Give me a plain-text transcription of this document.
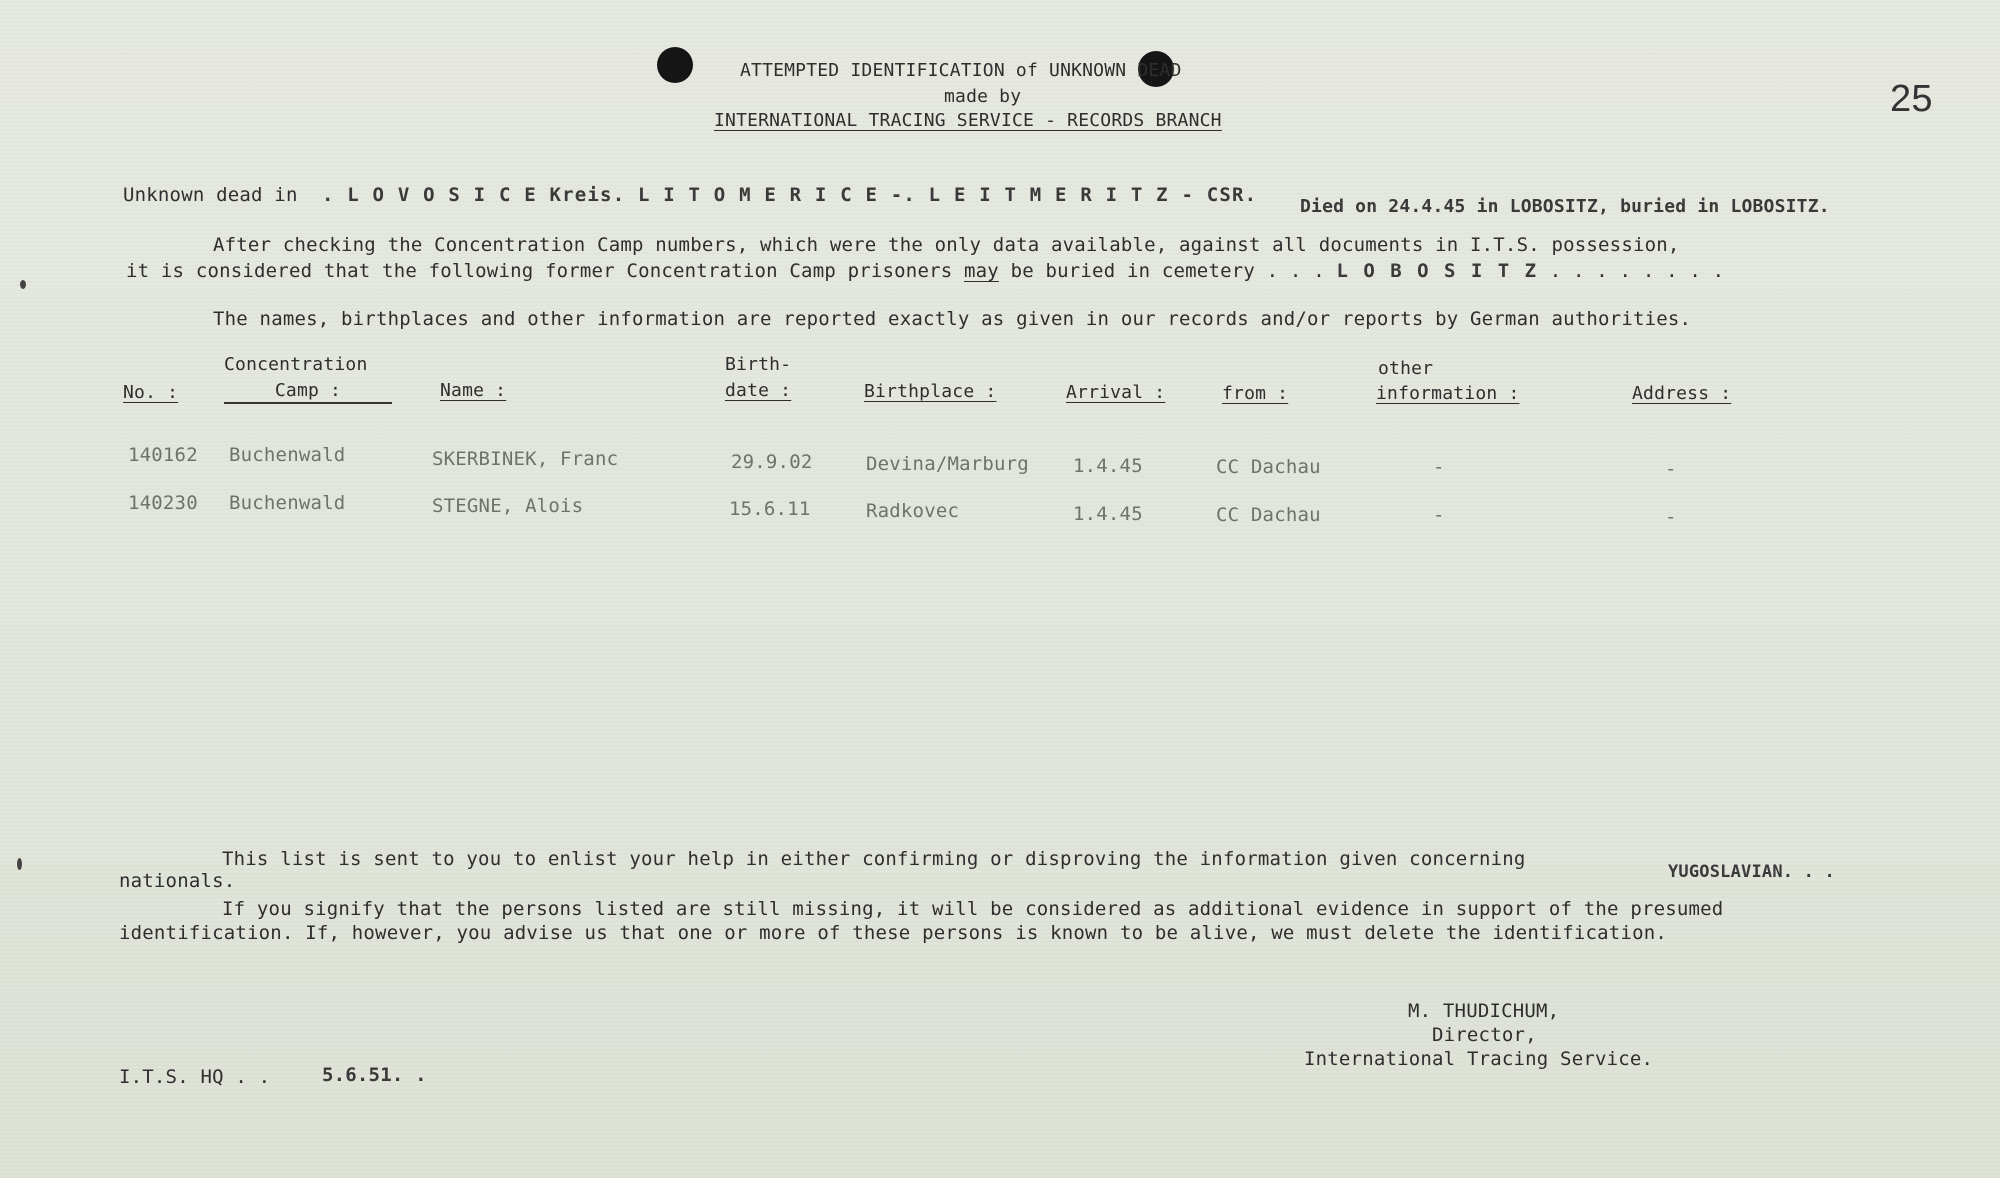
ATTEMPTED IDENTIFICATION of UNKNOWN DEAD
made by
INTERNATIONAL TRACING SERVICE - RECORDS BRANCH
25
Unknown dead in . L O V O S I C E Kreis. L I T O M E R I C E -. L E I T M E R I T Z - CSR.
Died on 24.4.45 in LOBOSITZ, buried in LOBOSITZ.
After checking the Concentration Camp numbers, which were the only data available, against all documents in I.T.S. possession,
it is considered that the following former Concentration Camp prisoners may be buried in cemetery . . . L O B O S I T Z . . . . . . . .
The names, birthplaces and other information are reported exactly as given in our records and/or reports by German authorities.
Concentration	Birth-	other
No. :	Camp :	Name :	date :	Birthplace :	Arrival :	from :	information :	Address :
140162 Buchenwald	SKERBINEK, Franc	29.9.02	Devina/Marburg 1.4.45	CC Dachau	-	-
140230 Buchenwald	STEGNE, Alois	15.6.11	Radkovec	1.4.45	CC Dachau	-	-
This list is sent to you to enlist your help in either confirming or disproving the information given concerning
YUGOSLAVIAN. . .
nationals.
If you signify that the persons listed are still missing, it will be considered as additional evidence in support of the presumed
identification. If, however, you advise us that one or more of these persons is known to be alive, we must delete the identification.
M. THUDICHUM,
Director,
International Tracing Service.
I.T.S. HQ . .	5.6.51. .
